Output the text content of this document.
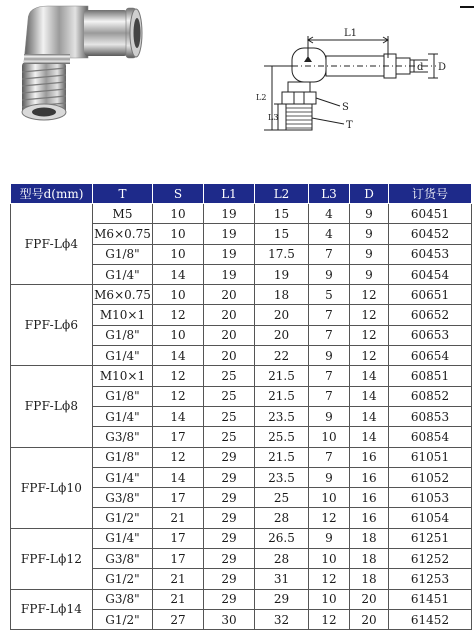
L1
L2
L3
S
T
d D
型号d(mm)	T	S	L1	L2	L3	D	订货号
FPF-Lϕ4	M5	10	19	15	4	9	60451
	M6×0.75	10	19	15	4	9	60452
	G1/8"	10	19	17.5	7	9	60453
	G1/4"	14	19	19	9	9	60454
FPF-Lϕ6	M6×0.75	10	20	18	5	12	60651
	M10×1	12	20	20	7	12	60652
	G1/8"	10	20	20	7	12	60653
	G1/4"	14	20	22	9	12	60654
FPF-Lϕ8	M10×1	12	25	21.5	7	14	60851
	G1/8"	12	25	21.5	7	14	60852
	G1/4"	14	25	23.5	9	14	60853
	G3/8"	17	25	25.5	10	14	60854
FPF-Lϕ10	G1/8"	12	29	21.5	7	16	61051
	G1/4"	14	29	23.5	9	16	61052
	G3/8"	17	29	25	10	16	61053
	G1/2"	21	29	28	12	16	61054
FPF-Lϕ12	G1/4"	17	29	26.5	9	18	61251
	G3/8"	17	29	28	10	18	61252
	G1/2"	21	29	31	12	18	61253
FPF-Lϕ14	G3/8"	21	29	29	10	20	61451
	G1/2"	27	30	32	12	20	61452
